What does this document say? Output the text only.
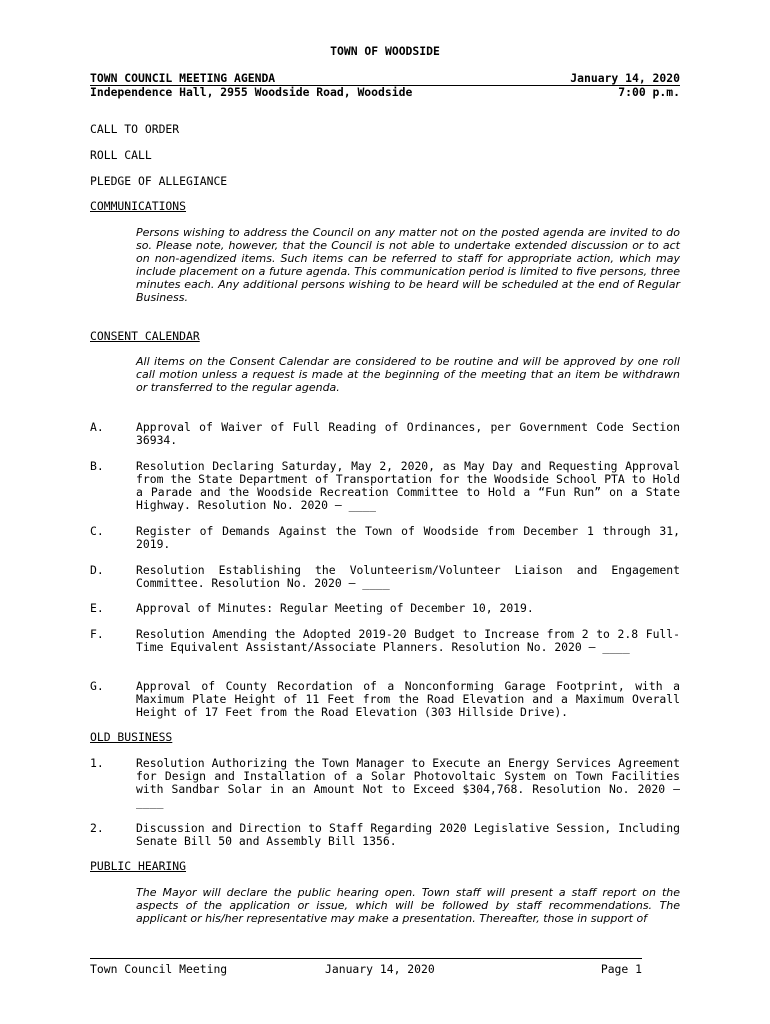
TOWN OF WOODSIDE
TOWN COUNCIL MEETING AGENDA	January 14, 2020
Independence Hall, 2955 Woodside Road, Woodside	7:00 p.m.
CALL TO ORDER
ROLL CALL
PLEDGE OF ALLEGIANCE
COMMUNICATIONS
Persons wishing to address the Council on any matter not on the posted agenda are invited to do so. Please note, however, that the Council is not able to undertake extended discussion or to act on non-agendized items. Such items can be referred to staff for appropriate action, which may include placement on a future agenda. This communication period is limited to five persons, three minutes each. Any additional persons wishing to be heard will be scheduled at the end of Regular Business.
CONSENT CALENDAR
All items on the Consent Calendar are considered to be routine and will be approved by one roll call motion unless a request is made at the beginning of the meeting that an item be withdrawn or transferred to the regular agenda.
A.	Approval of Waiver of Full Reading of Ordinances, per Government Code Section 36934.
B.	Resolution Declaring Saturday, May 2, 2020, as May Day and Requesting Approval from the State Department of Transportation for the Woodside School PTA to Hold a Parade and the Woodside Recreation Committee to Hold a “Fun Run” on a State Highway. Resolution No. 2020 – ____
C.	Register of Demands Against the Town of Woodside from December 1 through 31, 2019.
D.	Resolution Establishing the Volunteerism/Volunteer Liaison and Engagement Committee. Resolution No. 2020 – ____
E.	Approval of Minutes: Regular Meeting of December 10, 2019.
F.	Resolution Amending the Adopted 2019-20 Budget to Increase from 2 to 2.8 Full-Time Equivalent Assistant/Associate Planners. Resolution No. 2020 – ____
G.	Approval of County Recordation of a Nonconforming Garage Footprint, with a Maximum Plate Height of 11 Feet from the Road Elevation and a Maximum Overall Height of 17 Feet from the Road Elevation (303 Hillside Drive).
OLD BUSINESS
1.	Resolution Authorizing the Town Manager to Execute an Energy Services Agreement for Design and Installation of a Solar Photovoltaic System on Town Facilities with Sandbar Solar in an Amount Not to Exceed $304,768. Resolution No. 2020 – ____
2.	Discussion and Direction to Staff Regarding 2020 Legislative Session, Including Senate Bill 50 and Assembly Bill 1356.
PUBLIC HEARING
The Mayor will declare the public hearing open. Town staff will present a staff report on the aspects of the application or issue, which will be followed by staff recommendations. The applicant or his/her representative may make a presentation. Thereafter, those in support of
Town Council Meeting	January 14, 2020	Page 1
